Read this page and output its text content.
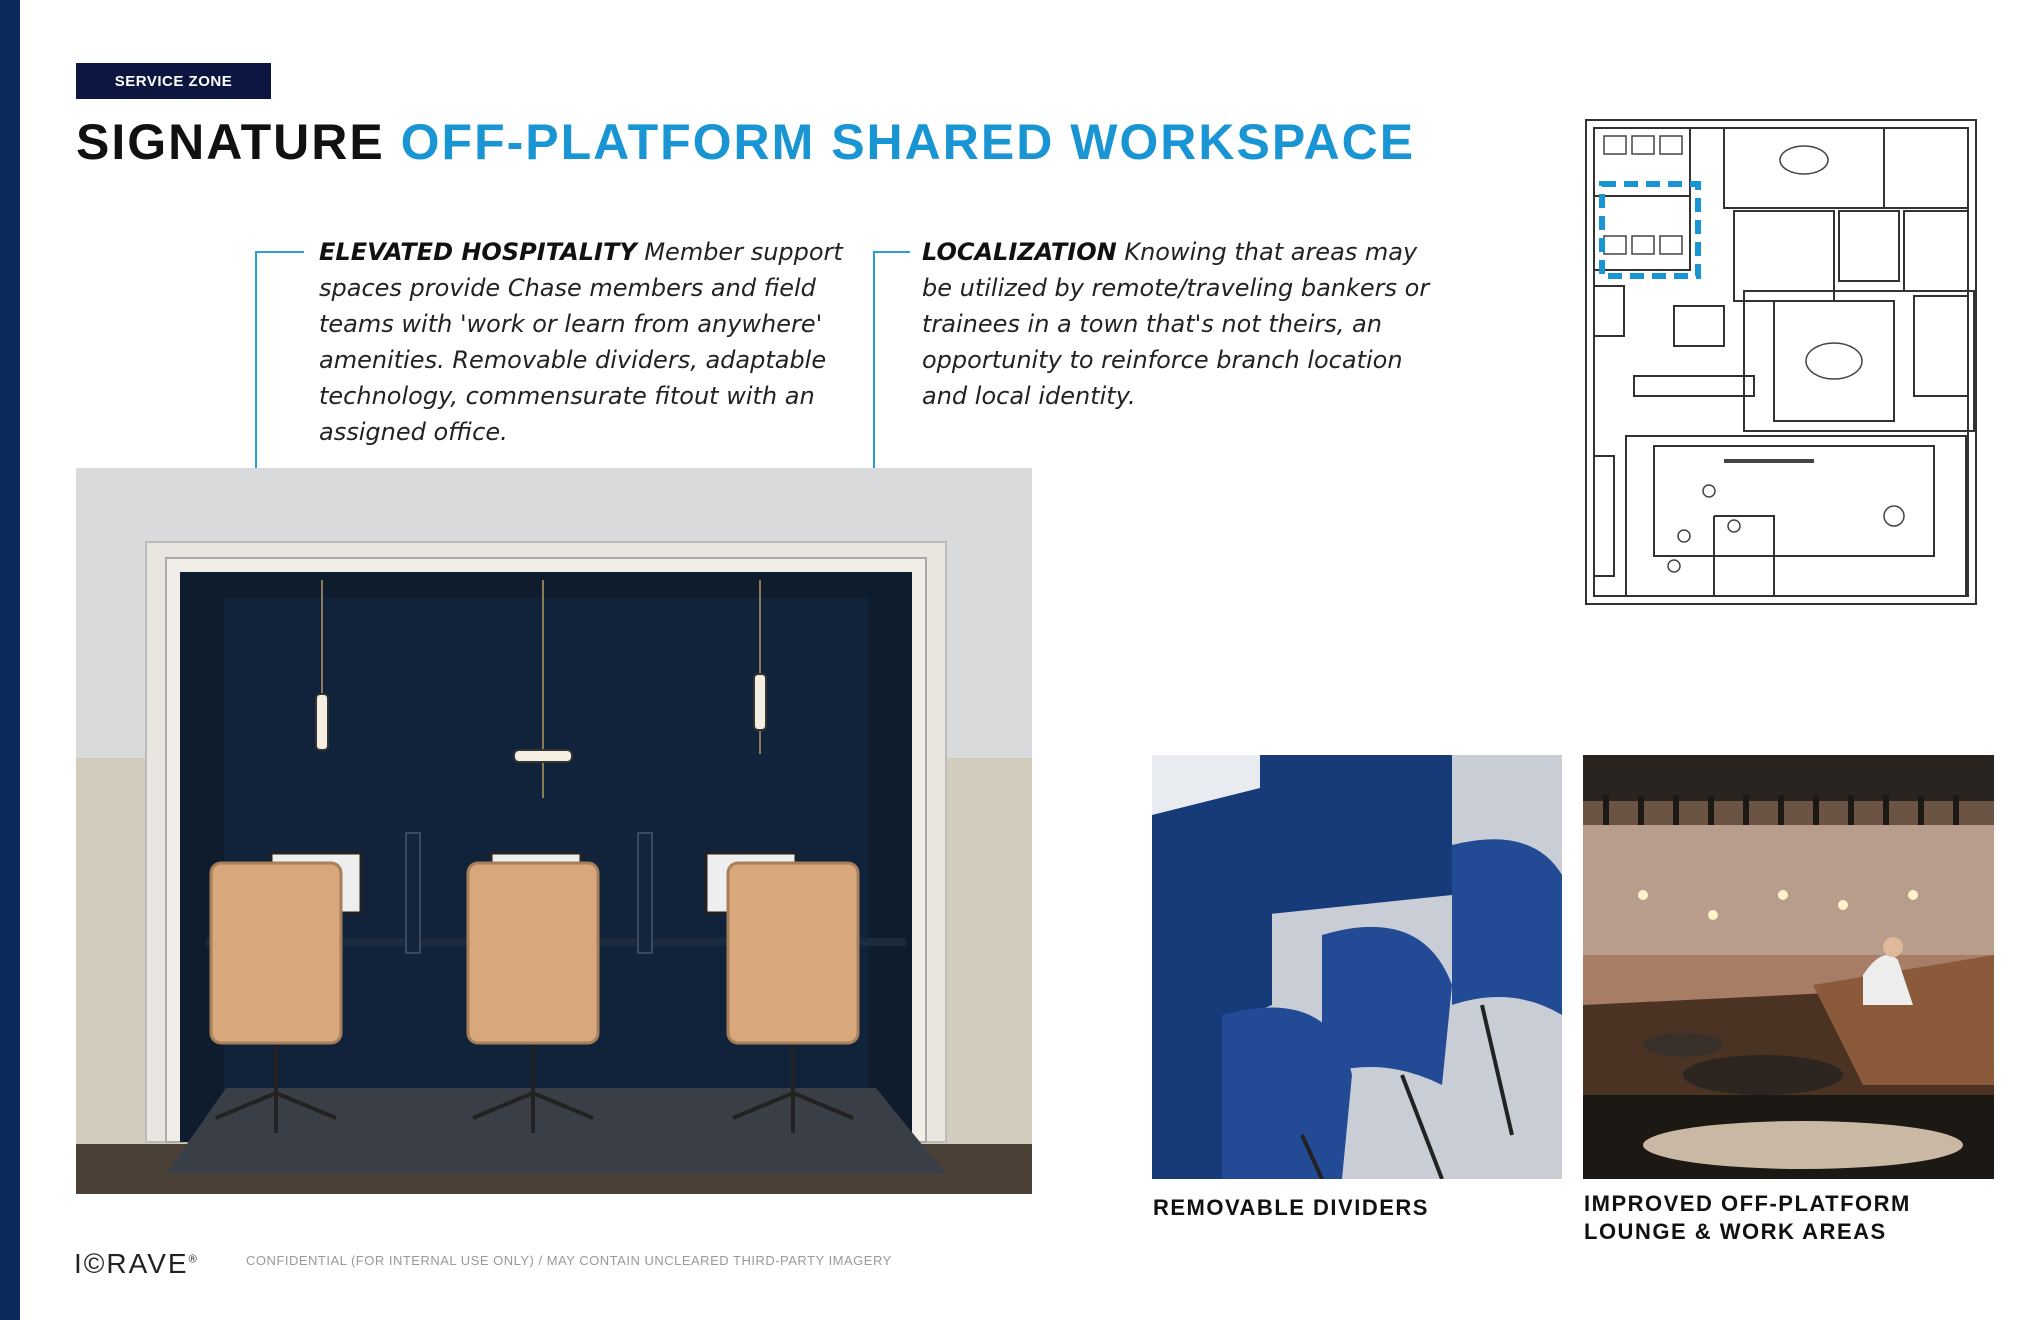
SERVICE ZONE
SIGNATURE OFF-PLATFORM SHARED WORKSPACE
ELEVATED HOSPITALITY Member support spaces provide Chase members and field teams with 'work or learn from anywhere' amenities. Removable dividers, adaptable technology, commensurate fitout with an assigned office.
LOCALIZATION Knowing that areas may be utilized by remote/traveling bankers or trainees in a town that's not theirs, an opportunity to reinforce branch location and local identity.
REMOVABLE DIVIDERS	IMPROVED OFF-PLATFORM
LOUNGE & WORK AREAS
I©RAVE®	CONFIDENTIAL (FOR INTERNAL USE ONLY) / MAY CONTAIN UNCLEARED THIRD-PARTY IMAGERY
